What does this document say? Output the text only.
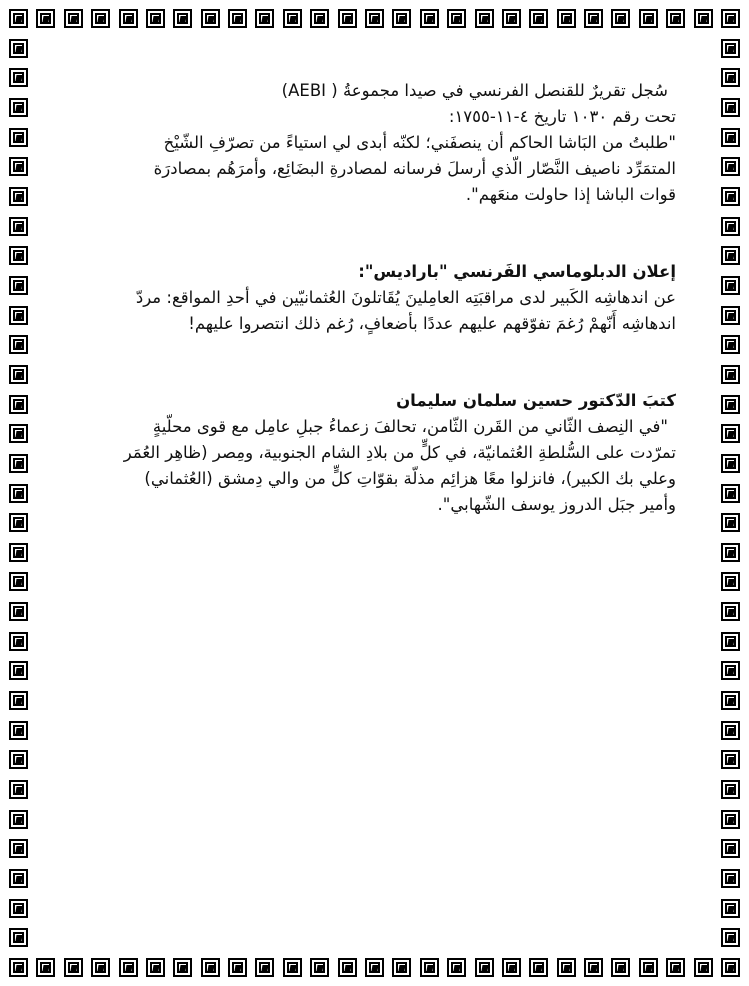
سُجل تقريرٌ للقنصل الفرنسي في صيدا مجموعةُ ( AEBI)

تحت رقم ١٠٣٠ تاريخ ٤-١١-١٧٥٥:

"طلبتُ من البَاشا الحاكم أن ينصفَني؛ لكنّه أبدى لي استياءً من تصرّفِ الشّيْخ

المتمَرِّد ناصيف النَّصّار الّذي أرسلَ فرسانه لمصادرةِ البضَائِع، وأمرَهُم بمصادرَة

قوات الباشا إذا حاولت منعَهم".

إعلان الدبلوماسي الفَرنسي "باراديس":

عن اندهاشِه الكَبير لدى مراقبَتِه العامِلينَ يُقَاتلونَ العُثمانيّين في أحدِ المواقع: مردّ

اندهاشِه أَنّهمْ رُغمَ تفوّقهم عليهم عددًا بأضعافٍ، رُغم ذلك انتصروا عليهم!

كتبَ الدّكتور حسين سلمان سليمان

"في النِصف الثّاني من القَرن الثّامن، تحالفَ زعماءُ جبلِ عامِل مع قوى محلّيةٍ

تمرّدت على السُّلطةِ العُثمانيّة، في كلٍّ من بلادِ الشام الجنوبية، ومِصر (ظاهِر العُمَر

وعلي بك الكبير)، فانزلوا معًا هزائِم مذلّة بقوّاتِ كلٍّ من والي دِمشق (العُثماني)

وأمير جبَل الدروز يوسف الشّهابي".
